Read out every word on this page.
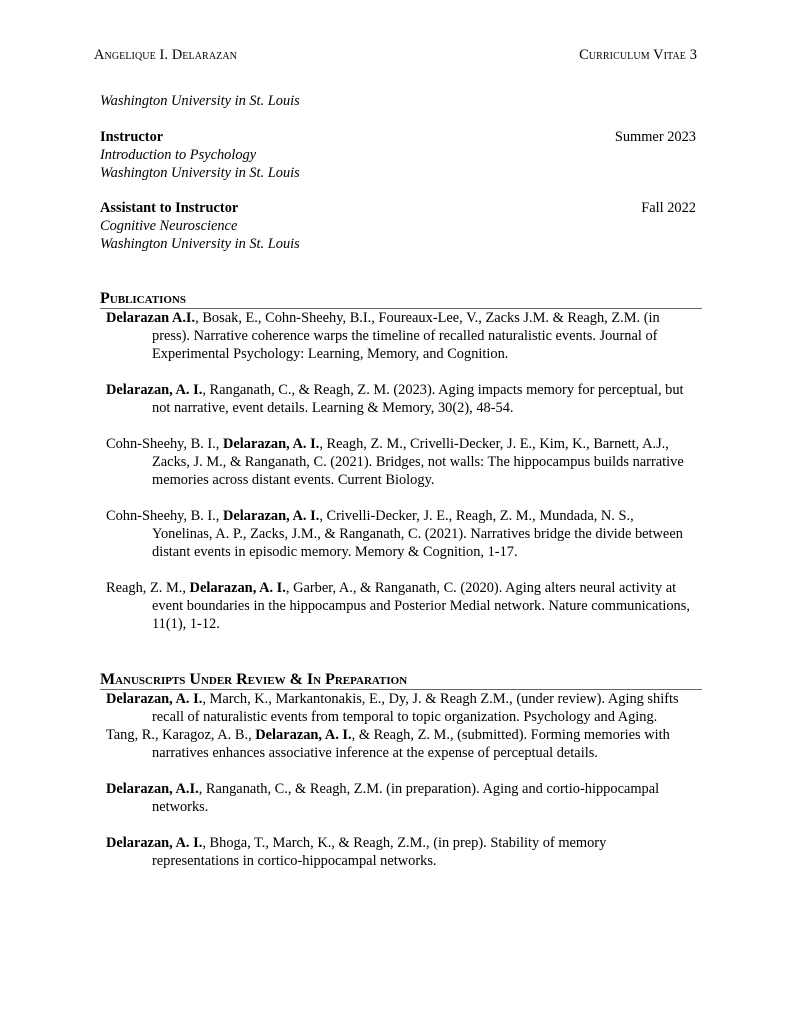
Angelique I. Delarazan	Curriculum Vitae 3
Washington University in St. Louis
Instructor	Summer 2023
Introduction to Psychology
Washington University in St. Louis
Assistant to Instructor	Fall 2022
Cognitive Neuroscience
Washington University in St. Louis
Publications

Delarazan A.I., Bosak, E., Cohn-Sheehy, B.I., Foureaux-Lee, V., Zacks J.M. & Reagh, Z.M. (in press). Narrative coherence warps the timeline of recalled naturalistic events. Journal of Experimental Psychology: Learning, Memory, and Cognition.

Delarazan, A. I., Ranganath, C., & Reagh, Z. M. (2023). Aging impacts memory for perceptual, but not narrative, event details. Learning & Memory, 30(2), 48-54.

Cohn-Sheehy, B. I., Delarazan, A. I., Reagh, Z. M., Crivelli-Decker, J. E., Kim, K., Barnett, A.J., Zacks, J. M., & Ranganath, C. (2021). Bridges, not walls: The hippocampus builds narrative memories across distant events. Current Biology.

Cohn-Sheehy, B. I., Delarazan, A. I., Crivelli-Decker, J. E., Reagh, Z. M., Mundada, N. S., Yonelinas, A. P., Zacks, J.M., & Ranganath, C. (2021). Narratives bridge the divide between distant events in episodic memory. Memory & Cognition, 1-17.

Reagh, Z. M., Delarazan, A. I., Garber, A., & Ranganath, C. (2020). Aging alters neural activity at event boundaries in the hippocampus and Posterior Medial network. Nature communications, 11(1), 1-12.

Manuscripts Under Review & In Preparation

Delarazan, A. I., March, K., Markantonakis, E., Dy, J. & Reagh Z.M., (under review). Aging shifts recall of naturalistic events from temporal to topic organization. Psychology and Aging.

Tang, R., Karagoz, A. B., Delarazan, A. I., & Reagh, Z. M., (submitted). Forming memories with narratives enhances associative inference at the expense of perceptual details.

Delarazan, A.I., Ranganath, C., & Reagh, Z.M. (in preparation). Aging and cortio-hippocampal networks.

Delarazan, A. I., Bhoga, T., March, K., & Reagh, Z.M., (in prep). Stability of memory representations in cortico-hippocampal networks.
